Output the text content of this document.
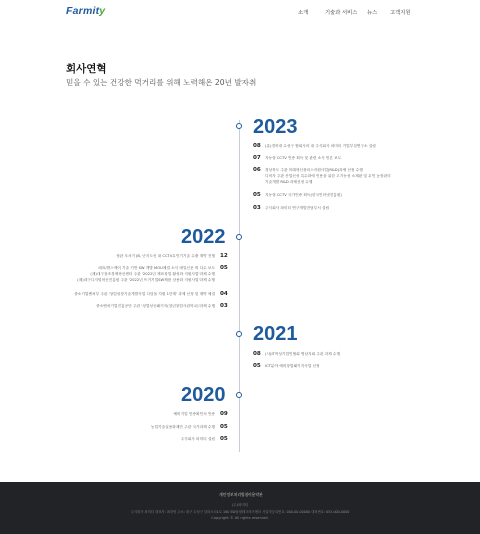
Farmity	소개	기술과 서비스 뉴스 고객지원
회사연혁
믿을 수 있는 건강한 먹거리를 위해 노력해온 20년 발자취
2023
08 (유)경북대 수성구 협회사라 내 주식회사 파미티 기업부설연구소 설립
07 지능형 CCTV 인증 획득 및 관련 소식 언론 보도
06 경상북도 주관 미래혁신플러스지원사업(R&D)과제 선정 수행
디비자 주관 산업신성 특수화에 인용을 위한 고기능성 소재판 및 무인 농장관리
기술개발 R&D 과제선정 수행
05 지능형 CCTV 국가인증 획득(한국인터넷진흥원)
03 주식회사 파미티 연구개발전담부서 설립
2022
정관 모서기 JB, 난지도선 내 CCTV무인기기술 수출 계약 진행 12
매표/발스캐어 기술 기반 SW 개발 MOU체결 소식 매일신문 외 다수 보도
(재)대구창조경제혁신센터 주관 '2022년 제표창업 활성화 지원사업'과제 수행
(재)대구디지털혁신진흥원 주관 '2022년 뜨거기업SW제품 상용화 지원사업'과제 수행
05
중소기업벤처부 주관 '창업성장기술개발사업 디딤돌 지원 1단계' 과제 선정 및 계약 체결 04
중소벤처기업진흥공단 주관 '청업성공패키지(청년창업사관학교)'과제 수행 03
2021
08 (사)IT여성기업인협회 영남지회 주관 과제 수행
05 ICT분야 예비창업패키지사업 선정
2020
예비기업 인증확인서 인증 09
농업기술실용화재단 주관 국가과제 수행 05
주식회사 파미티 설립 05
개인정보처리방침 이용약관
(주)파미티
주식회사 파미티 대표자: 최하영 주소: 대구 수성구 알파시티1로 160 SW융합테크비즈센터 사업자등록번호: 000-00-00000 대표번호: 053-000-0000
Copyright © All rights reserved.
